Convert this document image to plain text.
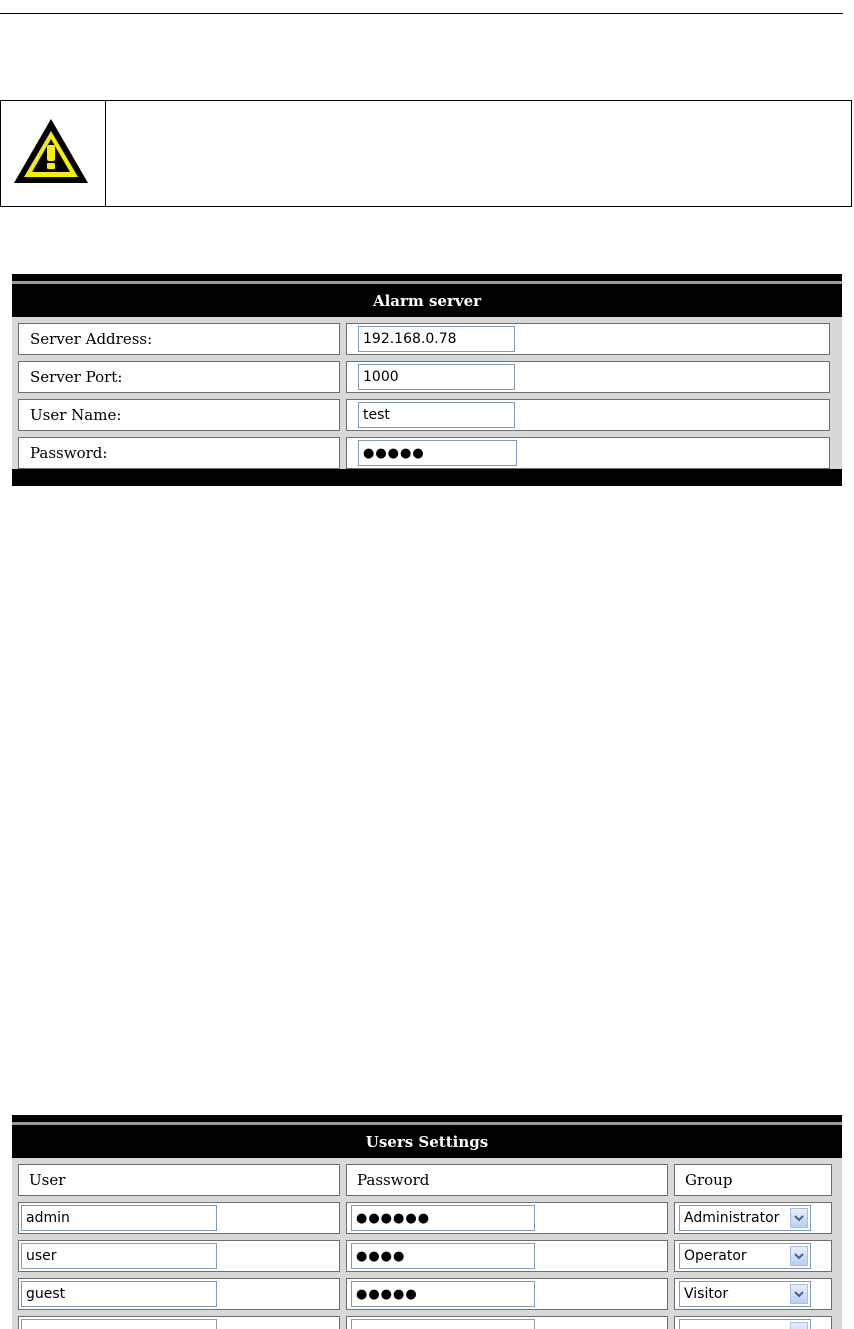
Alarm server
Server Address:
192.168.0.78
Server Port:
1000
User Name:
test
Password:
●●●●●
Users Settings
User	Password	Group
admin
●●●●●●
Administrator
user
●●●●
Operator
guest
●●●●●
Visitor
